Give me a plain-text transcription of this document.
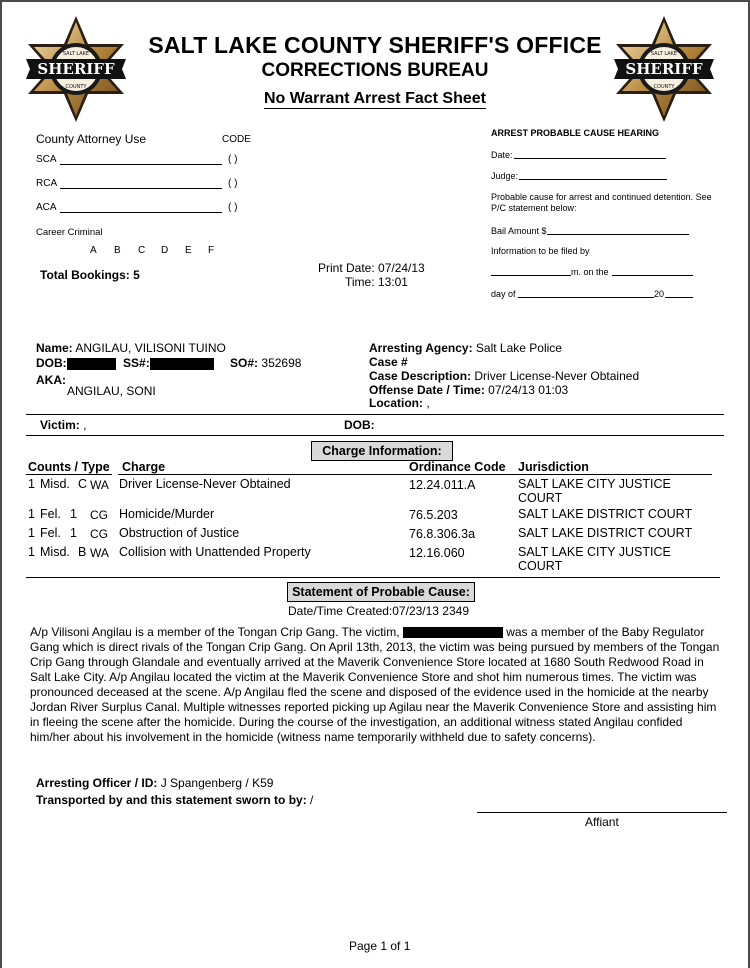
SHERIFF
SALT LAKE
COUNTY
SHERIFF
SALT LAKE
COUNTY
SALT LAKE COUNTY SHERIFF'S OFFICE
CORRECTIONS BUREAU
No Warrant Arrest Fact Sheet
County Attorney Use	CODE
SCA	( )
RCA	( )
ACA	( )
Career Criminal
A B C D E F
Total Bookings: 5	Print Date: 07/24/13
Time: 13:01
ARREST PROBABLE CAUSE HEARING
Date:
Judge:
Probable cause for arrest and continued detention. See P/C statement below:
Bail Amount $
Information to be filed by
m. on the
day of	20
Name: ANGILAU, VILISONI TUINO
DOB:	SS#:	SO#: 352698
AKA:
ANGILAU, SONI
Arresting Agency: Salt Lake Police
Case #
Case Description: Driver License-Never Obtained
Offense Date / Time: 07/24/13 01:03
Location: ,
Victim: ,	DOB:
Charge Information:
Counts / Type Charge	Ordinance Code Jurisdiction
1 Misd. C WA Driver License-Never Obtained	12.24.011.A	SALT LAKE CITY JUSTICE
COURT
1 Fel. 1 CG Homicide/Murder	76.5.203	SALT LAKE DISTRICT COURT
1 Fel. 1 CG Obstruction of Justice	76.8.306.3a	SALT LAKE DISTRICT COURT
1 Misd. B WA Collision with Unattended Property	12.16.060	SALT LAKE CITY JUSTICE
COURT
Statement of Probable Cause:
Date/Time Created:07/23/13 2349
A/p Vilisoni Angilau is a member of the Tongan Crip Gang. The victim,	was a member of the Baby Regulator Gang which is direct rivals of the Tongan Crip Gang. On April 13th, 2013, the victim was being pursued by members of the Tongan Crip Gang through Glandale and eventually arrived at the Maverik Convenience Store located at 1680 South Redwood Road in Salt Lake City. A/p Angilau located the victim at the Maverik Convenience Store and shot him numerous times. The victim was pronounced deceased at the scene. A/p Angilau fled the scene and disposed of the evidence used in the homicide at the nearby Jordan River Surplus Canal. Multiple witnesses reported picking up Agilau near the Maverik Convenience Store and assisting him in fleeing the scene after the homicide. During the course of the investigation, an additional witness stated Angilau confided him/her about his involvement in the homicide (witness name temporarily withheld due to safety concerns).
Arresting Officer / ID: J Spangenberg / K59
Transported by and this statement sworn to by: /
Affiant
Page 1 of 1
